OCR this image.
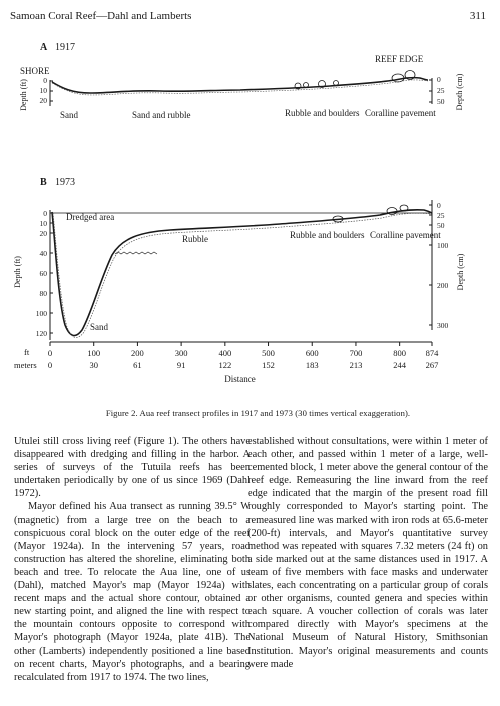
Samoan Coral Reef—Dahl and Lamberts	311
A 1917
SHORE
REEF EDGE
Depth (ft) 0
10
20
0
25
50 Depth (cm)
Sand	Sand and rubble	Rubble and boulders Coralline pavement
B 1973
Depth (ft)
0
10
20
40
60
80
100
120
Depth (cm)
0
25
50
100
200
300
Dredged area
Rubble	Rubble and boulders Coralline pavement
Sand
ft
meters
0
0
100
30
200
61
300
91
400
122
500
152
600
183
700
213
800
244
874
267
Distance
Figure 2. Aua reef transect profiles in 1917 and 1973 (30 times vertical exaggeration).

Utulei still cross living reef (Figure 1). The others have disappeared with dredging and filling in the harbor. A series of surveys of the Tutuila reefs has been undertaken periodically by one of us since 1969 (Dahl 1972).

Mayor defined his Aua transect as running 39.5° W (magnetic) from a large tree on the beach to a conspicuous coral block on the outer edge of the reef (Mayor 1924a). In the intervening 57 years, road construction has altered the shoreline, eliminating both beach and tree. To relocate the Aua line, one of us (Dahl), matched Mayor's map (Mayor 1924a) with recent maps and the actual shore contour, obtained a new starting point, and aligned the line with respect to the mountain contours opposite to correspond with Mayor's photograph (Mayor 1924a, plate 41B). The other (Lamberts) independently positioned a line based on recent charts, Mayor's photographs, and a bearing recalculated from 1917 to 1974. The two lines,

established without consultations, were within 1 meter of each other, and passed within 1 meter of a large, well-cemented block, 1 meter above the general contour of the reef edge. Remeasuring the line inward from the reef edge indicated that the margin of the present road fill roughly corresponded to Mayor's starting point. The remeasured line was marked with iron rods at 65.6-meter (200-ft) intervals, and Mayor's quantitative survey method was repeated with squares 7.32 meters (24 ft) on a side marked out at the same distances used in 1917. A team of five members with face masks and underwater slates, each concentrating on a particular group of corals or other organisms, counted genera and species within each square. A voucher collection of corals was later compared directly with Mayor's specimens at the National Museum of Natural History, Smithsonian Institution. Mayor's original measurements and counts were made
